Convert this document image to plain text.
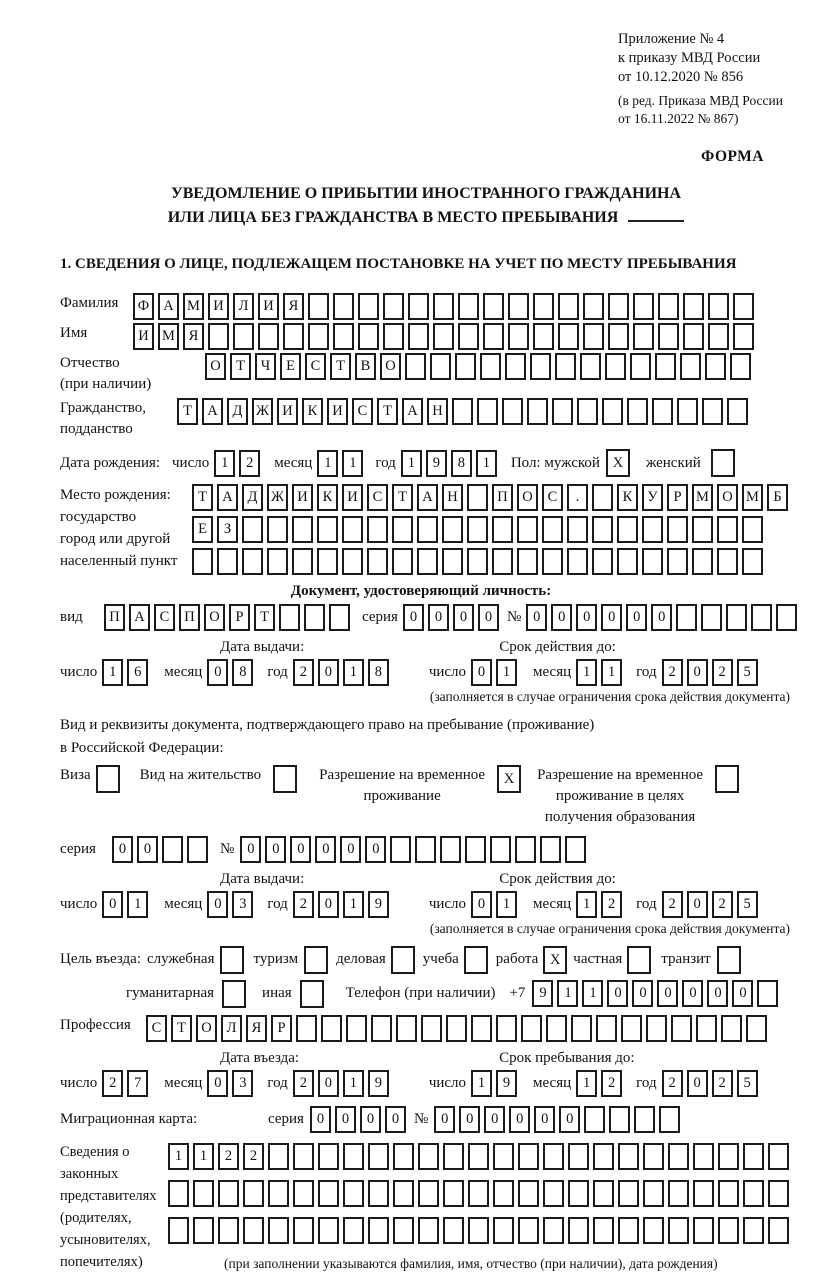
Приложение № 4
к приказу МВД России
от 10.12.2020 № 856
(в ред. Приказа МВД России
от 16.11.2022 № 867)
ФОРМА
УВЕДОМЛЕНИЕ О ПРИБЫТИИ ИНОСТРАННОГО ГРАЖДАНИНА
ИЛИ ЛИЦА БЕЗ ГРАЖДАНСТВА В МЕСТО ПРЕБЫВАНИЯ
1. СВЕДЕНИЯ О ЛИЦЕ, ПОДЛЕЖАЩЕМ ПОСТАНОВКЕ НА УЧЕТ ПО МЕСТУ ПРЕБЫВАНИЯ
Фамилия	Ф А М И	Л	И	Я
Имя	И М Я
Отчество
(при наличии)
О	Т	Ч	Е	С	Т	В	О
Гражданство,
подданство
Т	А	Д Ж И	К	И	С	Т	А	Н
Дата рождения: число 1	2	месяц 1	1	год 1	9	8	1	Пол: мужской X	женский
Место рождения:
государство
город или другой
населенный пункт
Т	А	Д Ж И	К	И	С	Т	А	Н	П	О	С	.	К	У	Р	М О М Б
Е	З
Документ, удостоверяющий личность:
вид	П	А	С	П	О	Р	Т	серия 0	0	0	0 № 0	0	0	0	0	0
Дата выдачи:	Срок действия до:
число 1	6	месяц 0	8	год 2	0	1	8	число 0	1	месяц 1	1	год 2	0	2	5
(заполняется в случае ограничения срока действия документа)
Вид и реквизиты документа, подтверждающего право на пребывание (проживание)
в Российской Федерации:
Виза	Вид на жительство	Разрешение на временное
проживание
X	Разрешение на временное
проживание в целях
получения образования
серия	0	0	№ 0	0	0	0	0	0
Дата выдачи:	Срок действия до:
число 0	1	месяц 0	3	год 2	0	1	9	число 0	1	месяц 1	2	год 2	0	2	5
(заполняется в случае ограничения срока действия документа)
Цель въезда: служебная	туризм	деловая учеба работа X частная	транзит
гуманитарная	иная	Телефон (при наличии) +7 9	1	1	0	0	0	0	0	0
Профессия	С	Т	О	Л	Я	Р
Дата въезда:	Срок пребывания до:
число 2	7	месяц 0	3	год 2	0	1	9	число 1	9	месяц 1	2	год 2	0	2	5
Миграционная карта:	серия 0	0	0	0 № 0	0	0	0	0	0
Сведения о
законных
представителях
(родителях,
усыновителях,
попечителях)
1	1	2	2
(при заполнении указываются фамилия, имя, отчество (при наличии), дата рождения)
